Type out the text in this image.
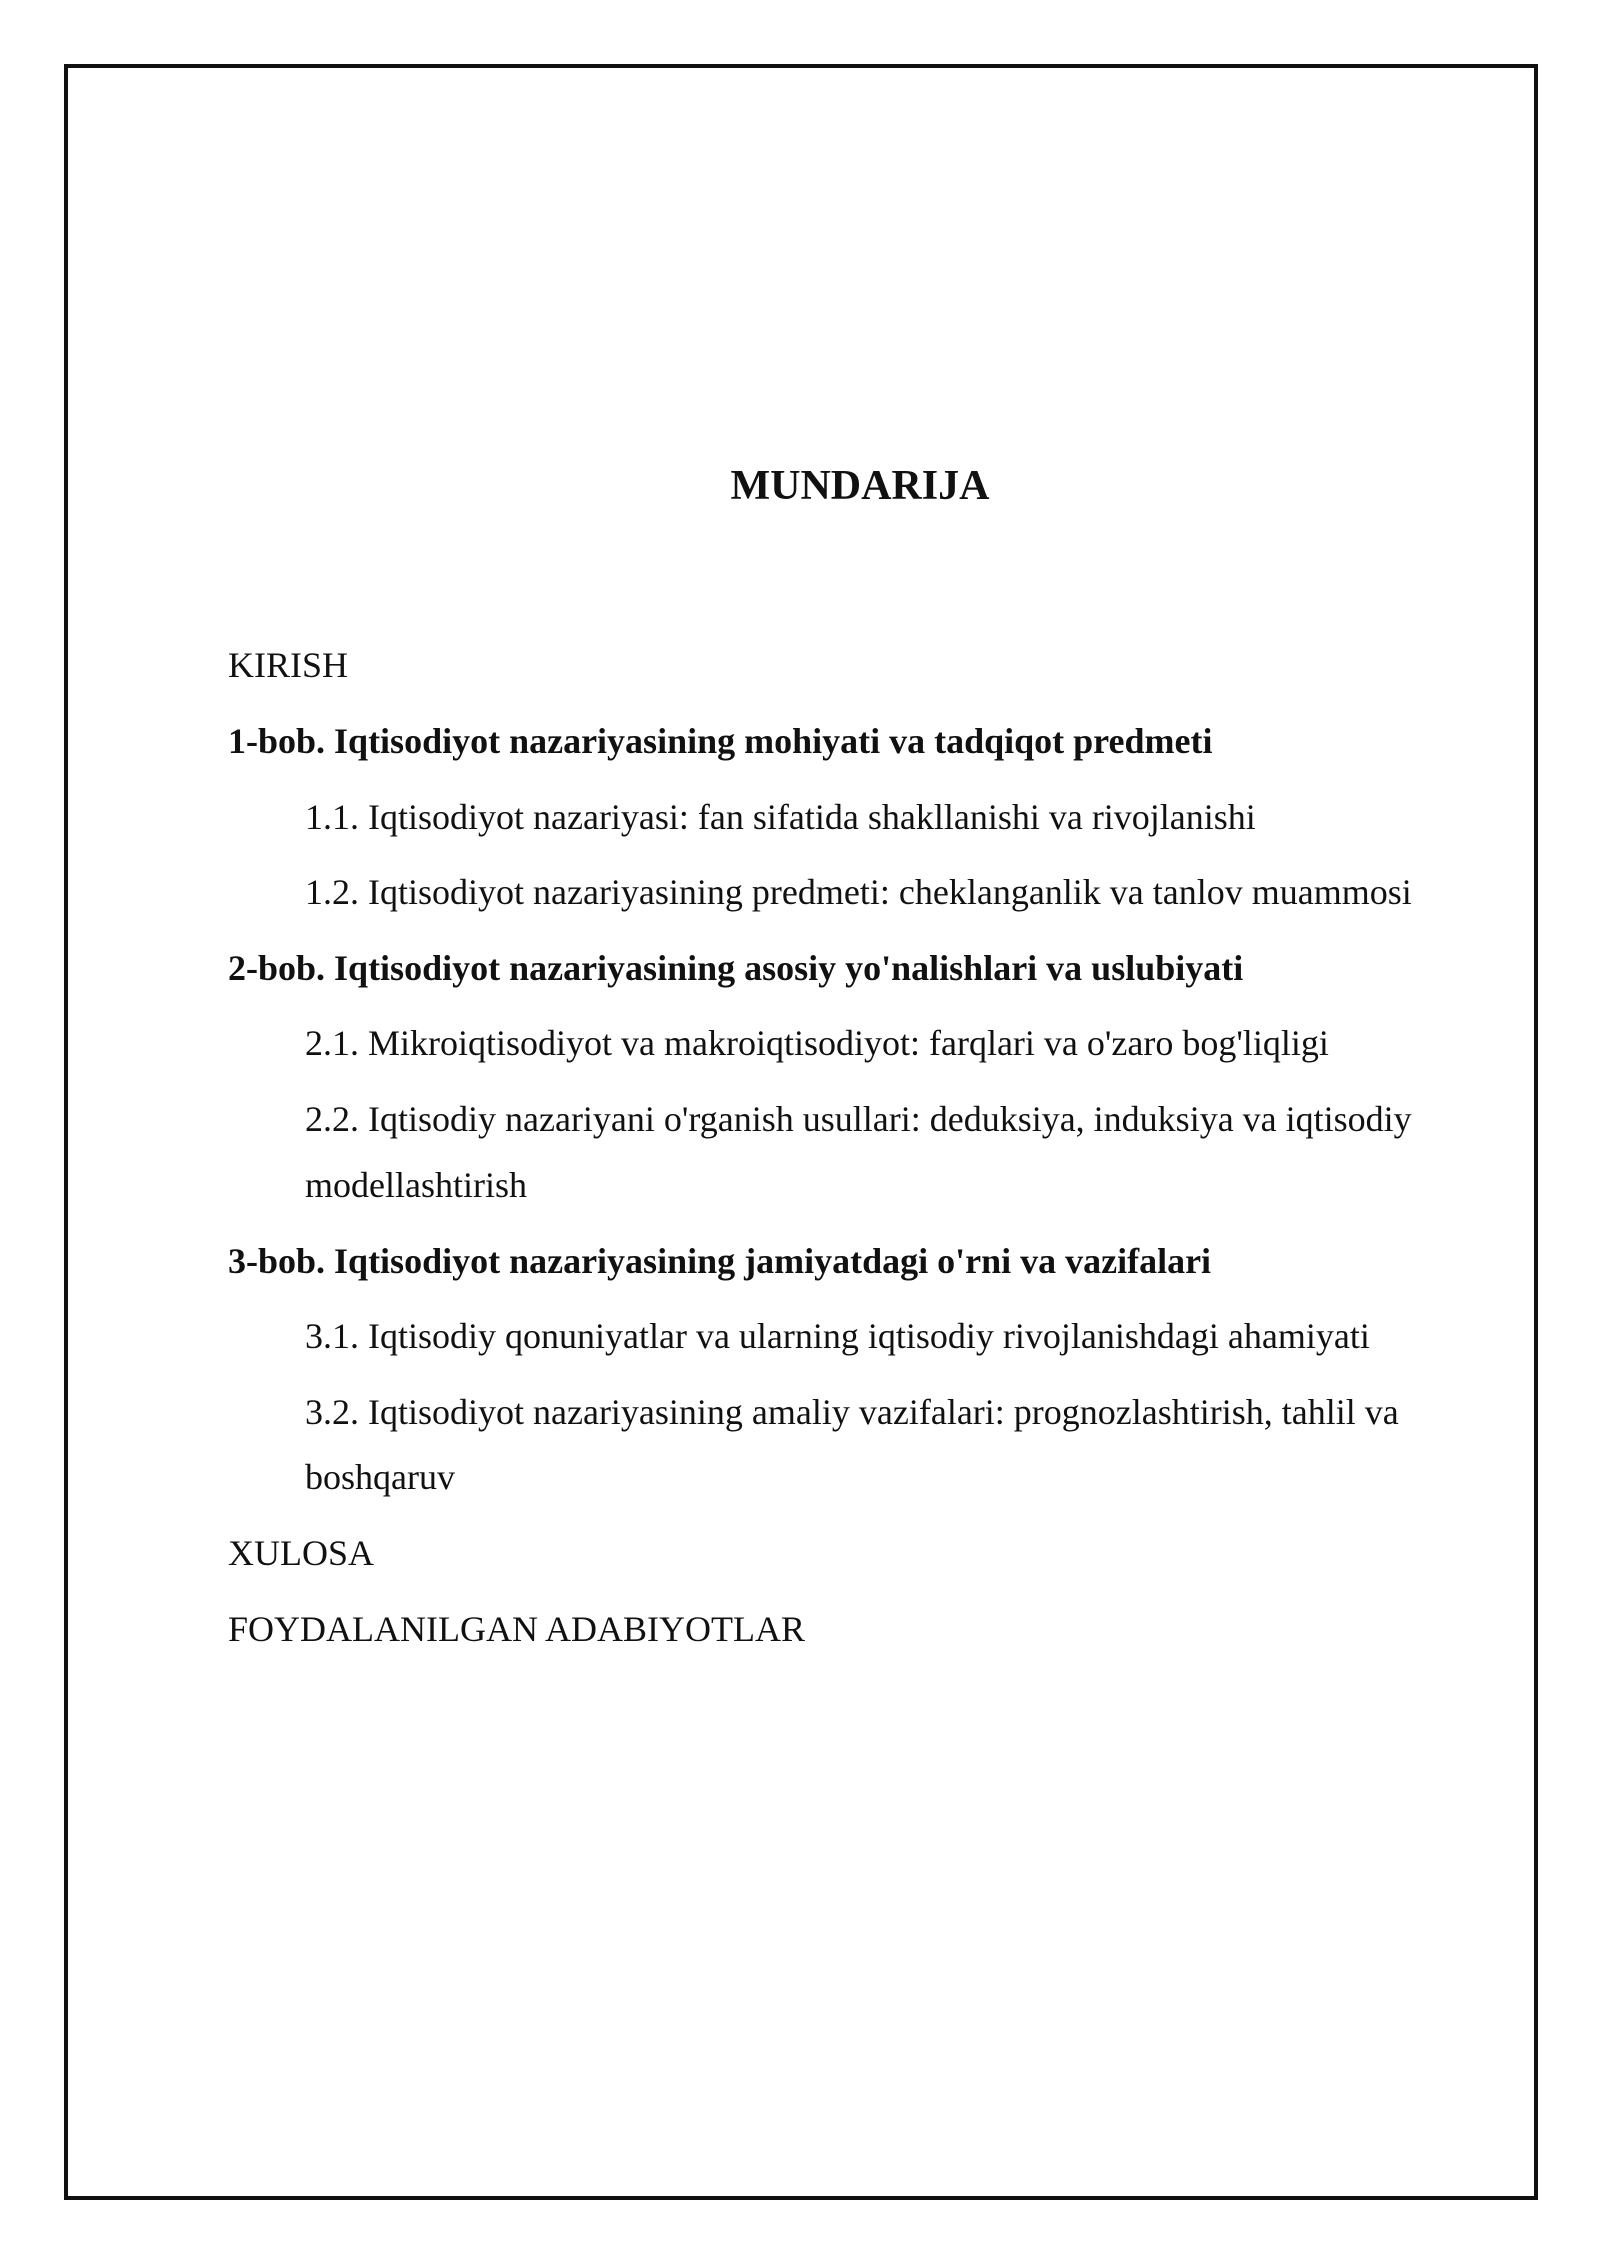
MUNDARIJA
KIRISH
1-bob. Iqtisodiyot nazariyasining mohiyati va tadqiqot predmeti
1.1. Iqtisodiyot nazariyasi: fan sifatida shakllanishi va rivojlanishi
1.2. Iqtisodiyot nazariyasining predmeti: cheklanganlik va tanlov muammosi
2-bob. Iqtisodiyot nazariyasining asosiy yo'nalishlari va uslubiyati
2.1. Mikroiqtisodiyot va makroiqtisodiyot: farqlari va o'zaro bog'liqligi
2.2. Iqtisodiy nazariyani o'rganish usullari: deduksiya, induksiya va iqtisodiy
modellashtirish
3-bob. Iqtisodiyot nazariyasining jamiyatdagi o'rni va vazifalari
3.1. Iqtisodiy qonuniyatlar va ularning iqtisodiy rivojlanishdagi ahamiyati
3.2. Iqtisodiyot nazariyasining amaliy vazifalari: prognozlashtirish, tahlil va
boshqaruv
XULOSA
FOYDALANILGAN ADABIYOTLAR
